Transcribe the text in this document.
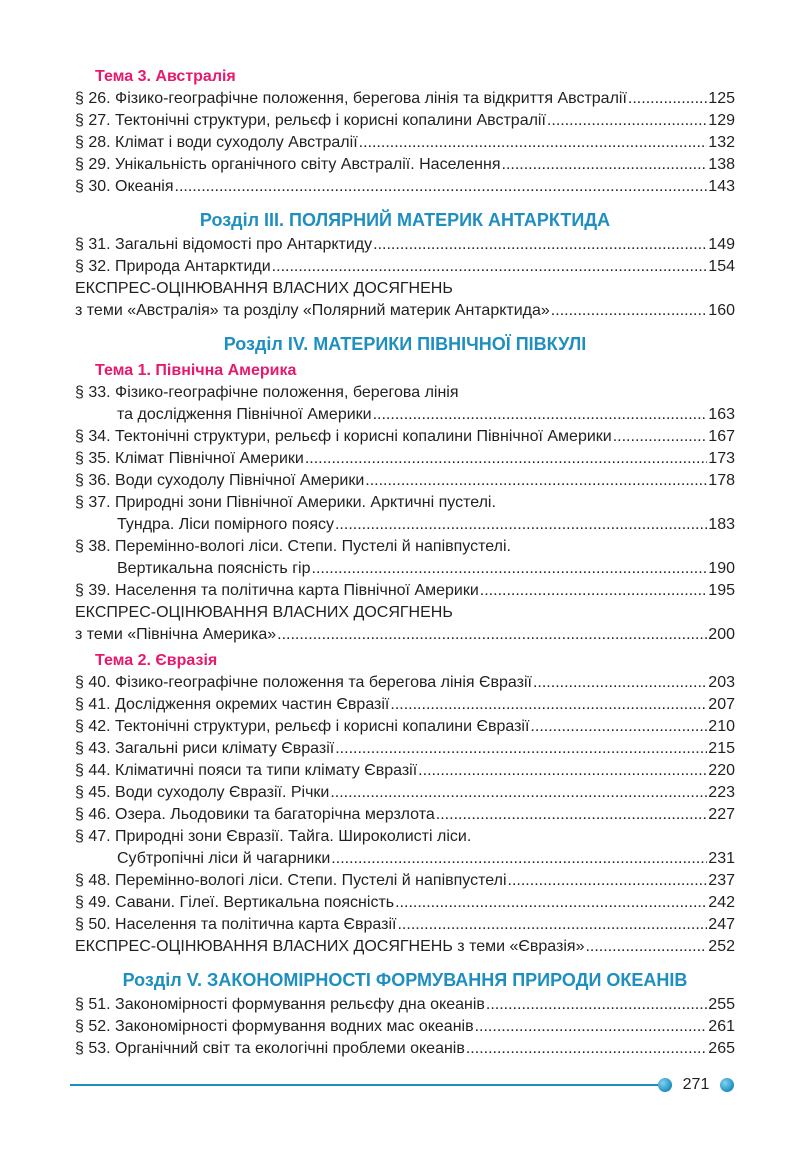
Тема 3. Австралія
§ 26. Фізико-географічне положення, берегова лінія та відкриття Австралії .....	125
§ 27. Тектонічні структури, рельєф і корисні копалини Австралії .....	129
§ 28. Клімат і води суходолу Австралії .....	132
§ 29. Унікальність органічного світу Австралії. Населення .....	138
§ 30. Океанія .....	143
Розділ III. ПОЛЯРНИЙ МАТЕРИК АНТАРКТИДА
§ 31. Загальні відомості про Антарктиду .....	149
§ 32. Природа Антарктиди .....	154
ЕКСПРЕС-ОЦІНЮВАННЯ ВЛАСНИХ ДОСЯГНЕНЬ
з теми «Австралія» та розділу «Полярний материк Антарктида» .....	160
Розділ IV. МАТЕРИКИ ПІВНІЧНОЇ ПІВКУЛІ
Тема 1. Північна Америка
§ 33. Фізико-географічне положення, берегова лінія
та дослідження Північної Америки .....	163
§ 34. Тектонічні структури, рельєф і корисні копалини Північної Америки .....	167
§ 35. Клімат Північної Америки .....	173
§ 36. Води суходолу Північної Америки .....	178
§ 37. Природні зони Північної Америки. Арктичні пустелі.
Тундра. Ліси помірного поясу .....	183
§ 38. Перемінно-вологі ліси. Степи. Пустелі й напівпустелі.
Вертикальна поясність гір .....	190
§ 39. Населення та політична карта Північної Америки .....	195
ЕКСПРЕС-ОЦІНЮВАННЯ ВЛАСНИХ ДОСЯГНЕНЬ
з теми «Північна Америка» .....	200
Тема 2. Євразія
§ 40. Фізико-географічне положення та берегова лінія Євразії .....	203
§ 41. Дослідження окремих частин Євразії .....	207
§ 42. Тектонічні структури, рельєф і корисні копалини Євразії .....	210
§ 43. Загальні риси клімату Євразії .....	215
§ 44. Кліматичні пояси та типи клімату Євразії .....	220
§ 45. Води суходолу Євразії. Річки .....	223
§ 46. Озера. Льодовики та багаторічна мерзлота .....	227
§ 47. Природні зони Євразії. Тайга. Широколисті ліси.
Субтропічні ліси й чагарники .....	231
§ 48. Перемінно-вологі ліси. Степи. Пустелі й напівпустелі .....	237
§ 49. Савани. Гілеї. Вертикальна поясність .....	242
§ 50. Населення та політична карта Євразії .....	247
ЕКСПРЕС-ОЦІНЮВАННЯ ВЛАСНИХ ДОСЯГНЕНЬ з теми «Євразія» .....	252
Розділ V. ЗАКОНОМІРНОСТІ ФОРМУВАННЯ ПРИРОДИ ОКЕАНІВ
§ 51. Закономірності формування рельєфу дна океанів .....	255
§ 52. Закономірності формування водних мас океанів .....	261
§ 53. Органічний світ та екологічні проблеми океанів .....	265
271
